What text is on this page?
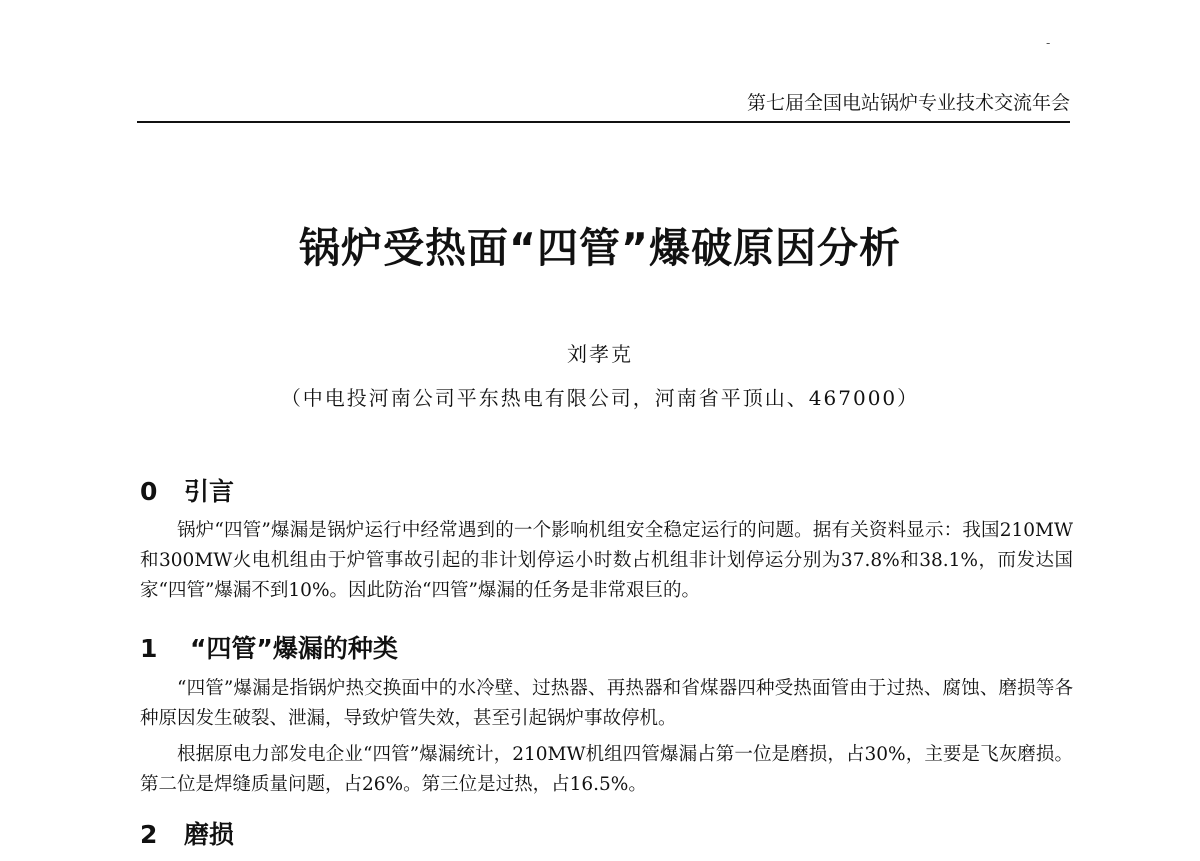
-
第七届全国电站锅炉专业技术交流年会
锅炉受热面“四管”爆破原因分析
刘孝克
（中电投河南公司平东热电有限公司，河南省平顶山、467000）
0 引言

锅炉“四管”爆漏是锅炉运行中经常遇到的一个影响机组安全稳定运行的问题。据有关资料显示：我国210MW和300MW火电机组由于炉管事故引起的非计划停运小时数占机组非计划停运分别为37.8%和38.1%，而发达国家“四管”爆漏不到10%。因此防治“四管”爆漏的任务是非常艰巨的。

1 “四管”爆漏的种类

“四管”爆漏是指锅炉热交换面中的水冷壁、过热器、再热器和省煤器四种受热面管由于过热、腐蚀、磨损等各种原因发生破裂、泄漏，导致炉管失效，甚至引起锅炉事故停机。

根据原电力部发电企业“四管”爆漏统计，210MW机组四管爆漏占第一位是磨损，占30%，主要是飞灰磨损。第二位是焊缝质量问题，占26%。第三位是过热，占16.5%。

2 磨损
